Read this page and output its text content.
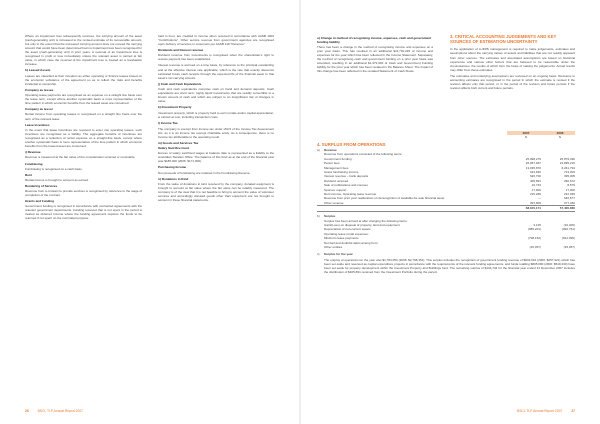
Where an impairment loss subsequently reverses, the carrying amount of the asset (cash-generating unit) is increased to the revised estimate of its recoverable amount, but only to the extent that the increased carrying amount does not exceed the carrying amount that would have been determined had no impairment loss been recognised for the asset (cash-generating unit) in prior years. A reversal of an impairment loss is recognised in profit or loss immediately unless the relevant asset is carried at fair value, in which case the reversal of the impairment loss is treated as a revaluation increase.

h) Leased Assets

Leases are classified at their inception as either operating or finance leases based on the economic substance of the agreement so as to reflect the risks and benefits incidental to ownership.

Company as lessee

Operating lease payments are recognised as an expense on a straight line basis over the lease term, except where another systematic basis is more representative of the time pattern in which economic benefits from the leased asset are consumed.

Company as lessor

Rental income from operating leases is recognised on a straight line basis over the term of the relevant lease.

Lease incentives

In the event that lease incentives are received to enter into operating leases, such incentives are recognised as a liability. The aggregate benefits of incentives are recognised as a reduction of rental expense on a straight-line basis, except where another systematic basis is more representative of the time pattern in which economic benefits from the leased asset are consumed.

i) Revenue

Revenue is measured at the fair value of the consideration received or receivable.

Fundraising

Fundraising is recognised on a cash basis.

Rent

Rental income is brought to account as earned.

Rendering of Services

Revenue from a contract to provide services is recognised by reference to the stage of completion of the contract.

Grants and Funding

Government funding is recognised in accordance with contracted agreements with the relevant government departments. Funding received that is not spent in the period is treated as deferred income where the funding agreement requires the funds to be returned if not spent on the nominated purpose.

held in trust, are credited to income when received in accordance with AASB 1004 "Contributions". Other service revenue from government agencies are recognised upon delivery of services to customers per AASB 118 "Revenue".

Dividends and Interest revenue

Dividend revenue from investments is recognised when the shareholder's right to receive payment has been established.

Interest revenue is accrued on a time basis, by reference to the principal outstanding and at the effective interest rate applicable, which is the rate that exactly discounts estimated future cash receipts through the expected life of the financial asset to that asset's net carrying amount.

j) Cash and Cash Equivalents

Cash and cash equivalents comprise cash on hand and demand deposits. Cash equivalents are short term, highly liquid investments that are readily convertible to a known amount of cash and which are subject to an insignificant risk of changes in value.

k) Investment Property

Investment property, which is property held to earn rentals and/or capital appreciation, is carried at cost, including transaction costs.

l) Income Tax

The company is exempt from income tax under s50-5 of the Income Tax Assessment Act, as it is an income tax exempt charitable entity. As a consequence, there is no income tax attributable to the operating result.

m) Goods and Services Tax
Salary Sacrifice Fund

Excess of salary sacrificed wages at balance date is represented as a liability to the Australian Taxation Office. The balance of this fund as at the end of the financial year was $185,000 (2006: $171,000).

Purchasing Income

Net proceeds of fundraising are retained in the Fundraising Reserve.

n) Donations in Kind

From the value of donations in kind received by the company, donated equipment is brought to account at fair value where the fair value can be reliably measured. The company is of the view that it is not feasible to bring to account the value of volunteer services and accordingly donated goods other than equipment are not brought to account in these financial statements.

26	BSCL TLP Annual Report 2007
o) Change in method of recognising income, expenses, cash and government funding liability

There has been a change in the method of recognising income and expenses on a prior year basis. This has resulted in an additional $11,791,293 of income and expenses for the year which has been reflected in the Income Statement. Separately, the method of recognising cash and government funding on a prior year basis was amended, resulting in an additional $1,372,993 of Cash and Government Funding liability for the prior year which has been restated in the Balance Sheet. The impact of this change has been reflected in the restated Statement of Cash Flows.

3. CRITICAL ACCOUNTING JUDGEMENTS AND KEY SOURCES OF ESTIMATION UNCERTAINTY

In the application of A-IFRS management is required to make judgements, estimates and assumptions about the carrying values of assets and liabilities that are not readily apparent from other sources. The estimates and associated assumptions are based on historical experience and various other factors that are believed to be reasonable under the circumstances, the results of which form the basis of making the judgements. Actual results may differ from these estimates.

The estimates and underlying assumptions are reviewed on an ongoing basis. Revisions to accounting estimates are recognised in the period in which the estimate is revised if the revision affects only that period, or in the period of the revision and future periods if the revision affects both current and future periods.

	2007	2006
	$	$
4. SURPLUS FROM OPERATIONS
a) Revenue		
Revenue from operations consisted of the following items:		
Government funding	25,998,279	25,879,496
Parent fees	26,957,967	24,895,216
Management fees	13,035,870	6,261,794
Grass fundraising income	913,840	713,303
Interest revenue – bank deposits	626,700	395,305
Dividend received	405,891	260,672
Sale of publications and courses	16,743	8,579
Sponsor support	17,000	17,000
Rent income, Operating lease revenue	215,280	212,045
Revenue from prior year reallocation on derecognition of available-for-sale financial asset	—	640,577
Other revenue	397,809	377,460
	68,615,171	57,400,866

b) Surplus		
Surplus has been arrived at after charging the following items:		
Gain/(Loss) on disposal of property, land and equipment	3,125	(10,406)
Depreciation of non-current assets	(985,201)	(992,761)
Operating lease rental expenses:		
Minimum lease payments	(798,152)	(812,095)
Net bad and doubtful debts arising from:		
Other entities	(26,057)	(25,057)

c) Surplus for the year		

The surplus of operations for the year was $1,784,050 (2006: $2,798,351). This surplus includes the recognition of government funding revenue of $843,616 (2006: $257,921) which has been set aside and reserved as capital expenditure projects in accordance with the requirements of the relevant funding agreements, and funds totalling $805,690 (2006: $540,430) have been set aside for property development within the Investment Property and Buildings fund. The remaining surplus of $134,744 for the financial year ended 31 December 2007 includes the distribution of $405,891 received from the Investment Portfolio during the period.

BSCL TLP Annual Report 2007	27
